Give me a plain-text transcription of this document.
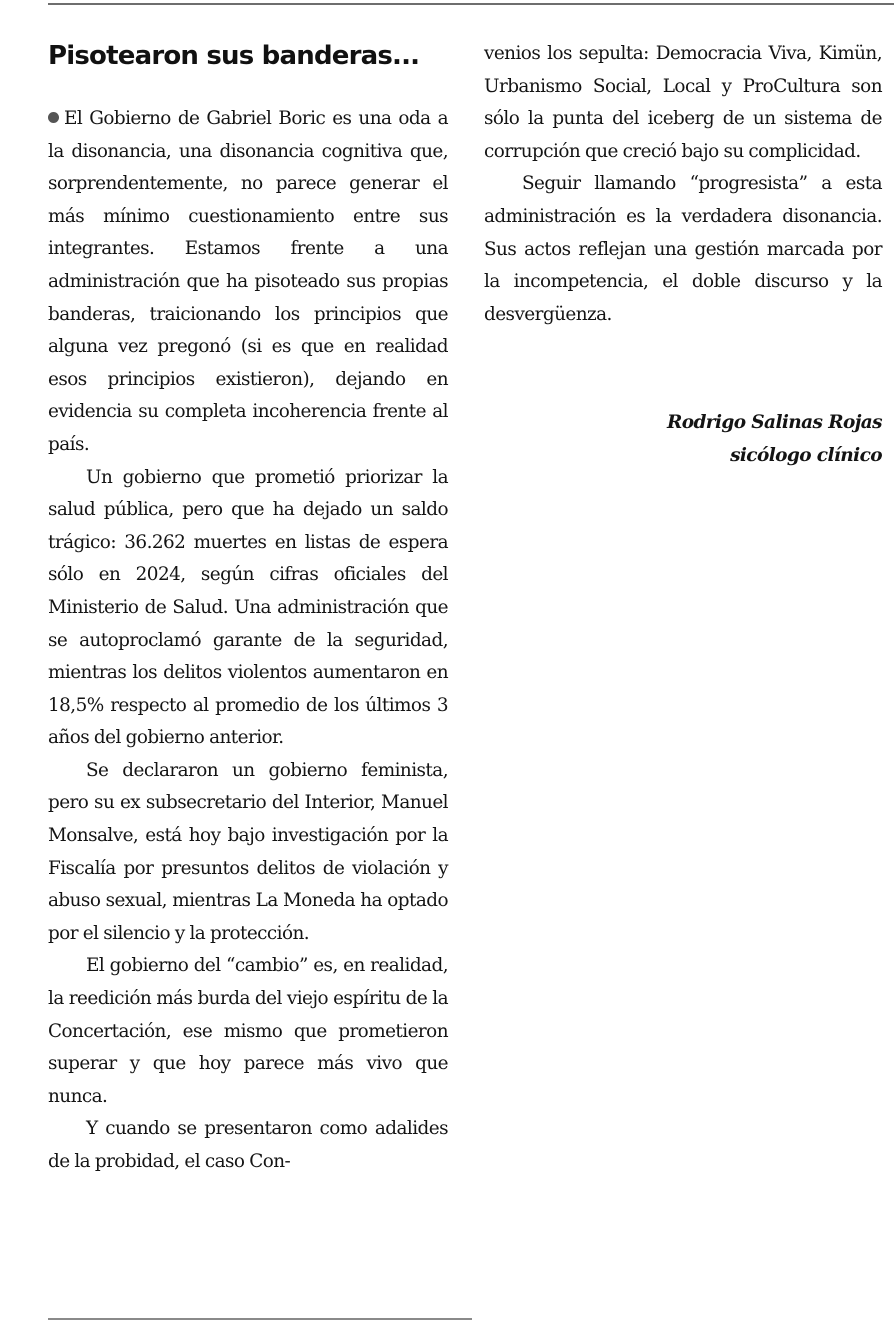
Pisotearon sus banderas...

El Gobierno de Gabriel Boric es una oda a la disonancia, una disonancia cognitiva que, sorprendentemente, no parece generar el más mínimo cuestionamiento entre sus integrantes. Estamos frente a una administración que ha pisoteado sus propias banderas, traicionando los principios que alguna vez pregonó (si es que en realidad esos principios existieron), dejando en evidencia su completa incoherencia frente al país.

Un gobierno que prometió priorizar la salud pública, pero que ha dejado un saldo trágico: 36.262 muertes en listas de espera sólo en 2024, según cifras oficiales del Ministerio de Salud. Una administración que se autoproclamó garante de la seguridad, mientras los delitos violentos aumentaron en 18,5% respecto al promedio de los últimos 3 años del gobierno anterior.

Se declararon un gobierno feminista, pero su ex subsecretario del Interior, Manuel Monsalve, está hoy bajo investigación por la Fiscalía por presuntos delitos de violación y abuso sexual, mientras La Moneda ha optado por el silencio y la protección.

El gobierno del “cambio” es, en realidad, la reedición más burda del viejo espíritu de la Concertación, ese mismo que prometieron superar y que hoy parece más vivo que nunca.

Y cuando se presentaron como adalides de la probidad, el caso Con-

venios los sepulta: Democracia Viva, Kimün, Urbanismo Social, Local y ProCultura son sólo la punta del iceberg de un sistema de corrupción que creció bajo su complicidad.

Seguir llamando “progresista” a esta administración es la verdadera disonancia. Sus actos reflejan una gestión marcada por la incompetencia, el doble discurso y la desvergüenza.

Rodrigo Salinas Rojas
sicólogo clínico
